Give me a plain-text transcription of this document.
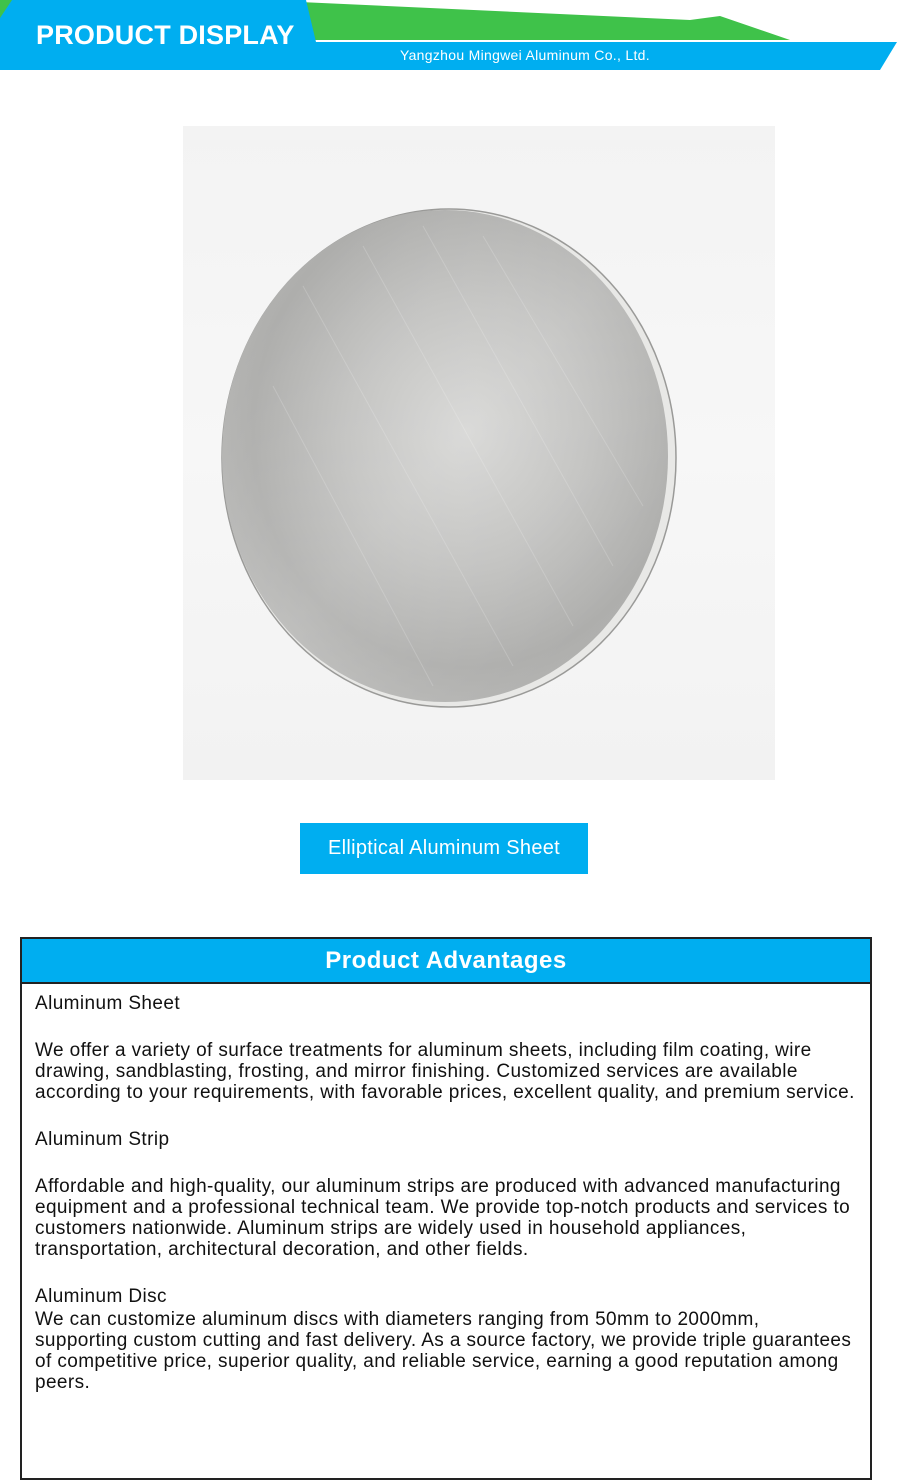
PRODUCT DISPLAY
Yangzhou Mingwei Aluminum Co., Ltd.
Elliptical Aluminum Sheet
Product Advantages

Aluminum Sheet

We offer a variety of surface treatments for aluminum sheets, including film coating, wire drawing, sandblasting, frosting, and mirror finishing. Customized services are available according to your requirements, with favorable prices, excellent quality, and premium service.

Aluminum Strip

Affordable and high-quality, our aluminum strips are produced with advanced manufacturing equipment and a professional technical team. We provide top-notch products and services to customers nationwide. Aluminum strips are widely used in household appliances, transportation, architectural decoration, and other fields.

Aluminum Disc

We can customize aluminum discs with diameters ranging from 50mm to 2000mm, supporting custom cutting and fast delivery. As a source factory, we provide triple guarantees of competitive price, superior quality, and reliable service, earning a good reputation among peers.
